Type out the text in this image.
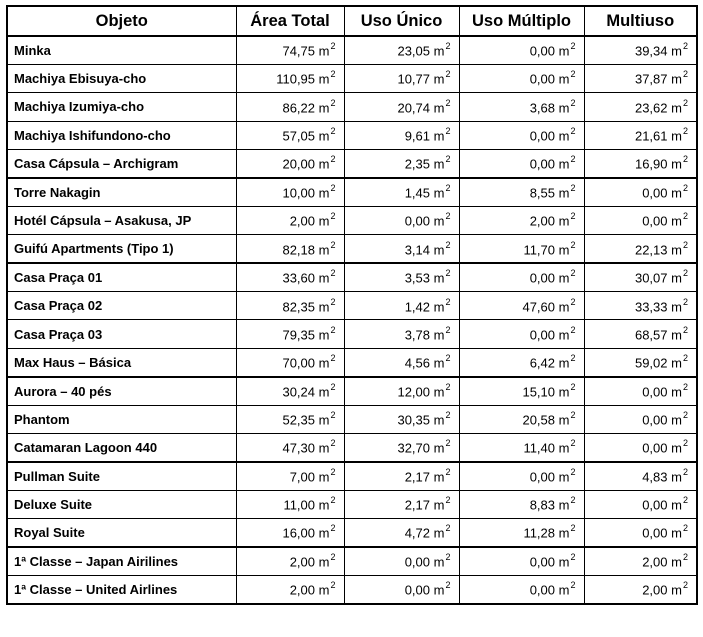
Objeto	Área Total	Uso Único	Uso Múltiplo	Multiuso
Minka	74,75 $m^2$	23,05 $m^2$	0,00 $m^2$	39,34 $m^2$
Machiya Ebisuya-cho	110,95 $m^2$	10,77 $m^2$	0,00 $m^2$	37,87 $m^2$
Machiya Izumiya-cho	86,22 $m^2$	20,74 $m^2$	3,68 $m^2$	23,62 $m^2$
Machiya Ishifundono-cho	57,05 $m^2$	9,61 $m^2$	0,00 $m^2$	21,61 $m^2$
Casa Cápsula – Archigram	20,00 $m^2$	2,35 $m^2$	0,00 $m^2$	16,90 $m^2$
Torre Nakagin	10,00 $m^2$	1,45 $m^2$	8,55 $m^2$	0,00 $m^2$
Hotél Cápsula – Asakusa, JP	2,00 $m^2$	0,00 $m^2$	2,00 $m^2$	0,00 $m^2$
Guifú Apartments (Tipo 1)	82,18 $m^2$	3,14 $m^2$	11,70 $m^2$	22,13 $m^2$
Casa Praça 01	33,60 $m^2$	3,53 $m^2$	0,00 $m^2$	30,07 $m^2$
Casa Praça 02	82,35 $m^2$	1,42 $m^2$	47,60 $m^2$	33,33 $m^2$
Casa Praça 03	79,35 $m^2$	3,78 $m^2$	0,00 $m^2$	68,57 $m^2$
Max Haus – Básica	70,00 $m^2$	4,56 $m^2$	6,42 $m^2$	59,02 $m^2$
Aurora – 40 pés	30,24 $m^2$	12,00 $m^2$	15,10 $m^2$	0,00 $m^2$
Phantom	52,35 $m^2$	30,35 $m^2$	20,58 $m^2$	0,00 $m^2$
Catamaran Lagoon 440	47,30 $m^2$	32,70 $m^2$	11,40 $m^2$	0,00 $m^2$
Pullman Suite	7,00 $m^2$	2,17 $m^2$	0,00 $m^2$	4,83 $m^2$
Deluxe Suite	11,00 $m^2$	2,17 $m^2$	8,83 $m^2$	0,00 $m^2$
Royal Suite	16,00 $m^2$	4,72 $m^2$	11,28 $m^2$	0,00 $m^2$
1ª Classe – Japan Airilines	2,00 $m^2$	0,00 $m^2$	0,00 $m^2$	2,00 $m^2$
1ª Classe – United Airlines	2,00 $m^2$	0,00 $m^2$	0,00 $m^2$	2,00 $m^2$
